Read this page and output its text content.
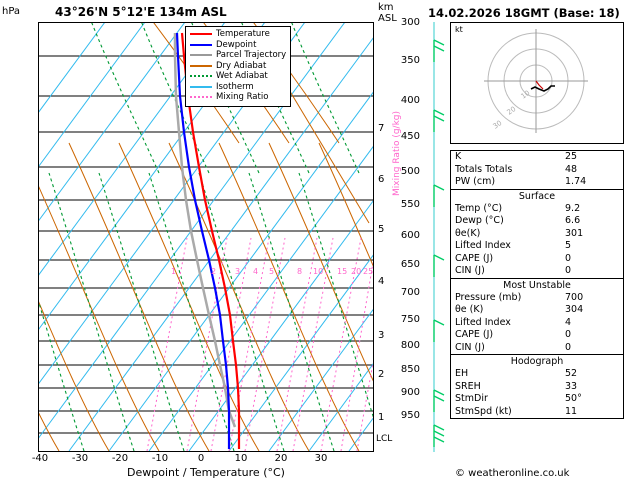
hPa	43°26'N 5°12'E 134m ASL	km
ASL 300
350
400
450
500
550
600
650
700
750
800
850
900
950
7
6
5
4
3
2
1
LCL
-40	-30	-20	-10	0	10	20	30
Dewpoint / Temperature (°C)
Mixing Ratio (g/kg)
1	2 3 4 5	8 10 15 20 25
Temperature
Dewpoint
Parcel Trajectory
Dry Adiabat
Wet Adiabat
Isotherm
Mixing Ratio
14.02.2026 18GMT (Base: 18)
kt
10
20
30
K	25
Totals Totals	48
PW (cm)	1.74
Surface
Temp (°C)	9.2
Dewp (°C)	6.6
θe(K)	301
Lifted Index	5
CAPE (J)	0
CIN (J)	0
Most Unstable
Pressure (mb)	700
θe (K)	304
Lifted Index	4
CAPE (J)	0
CIN (J)	0
Hodograph
EH	52
SREH	33
StmDir	50°
StmSpd (kt)	11
© weatheronline.co.uk
